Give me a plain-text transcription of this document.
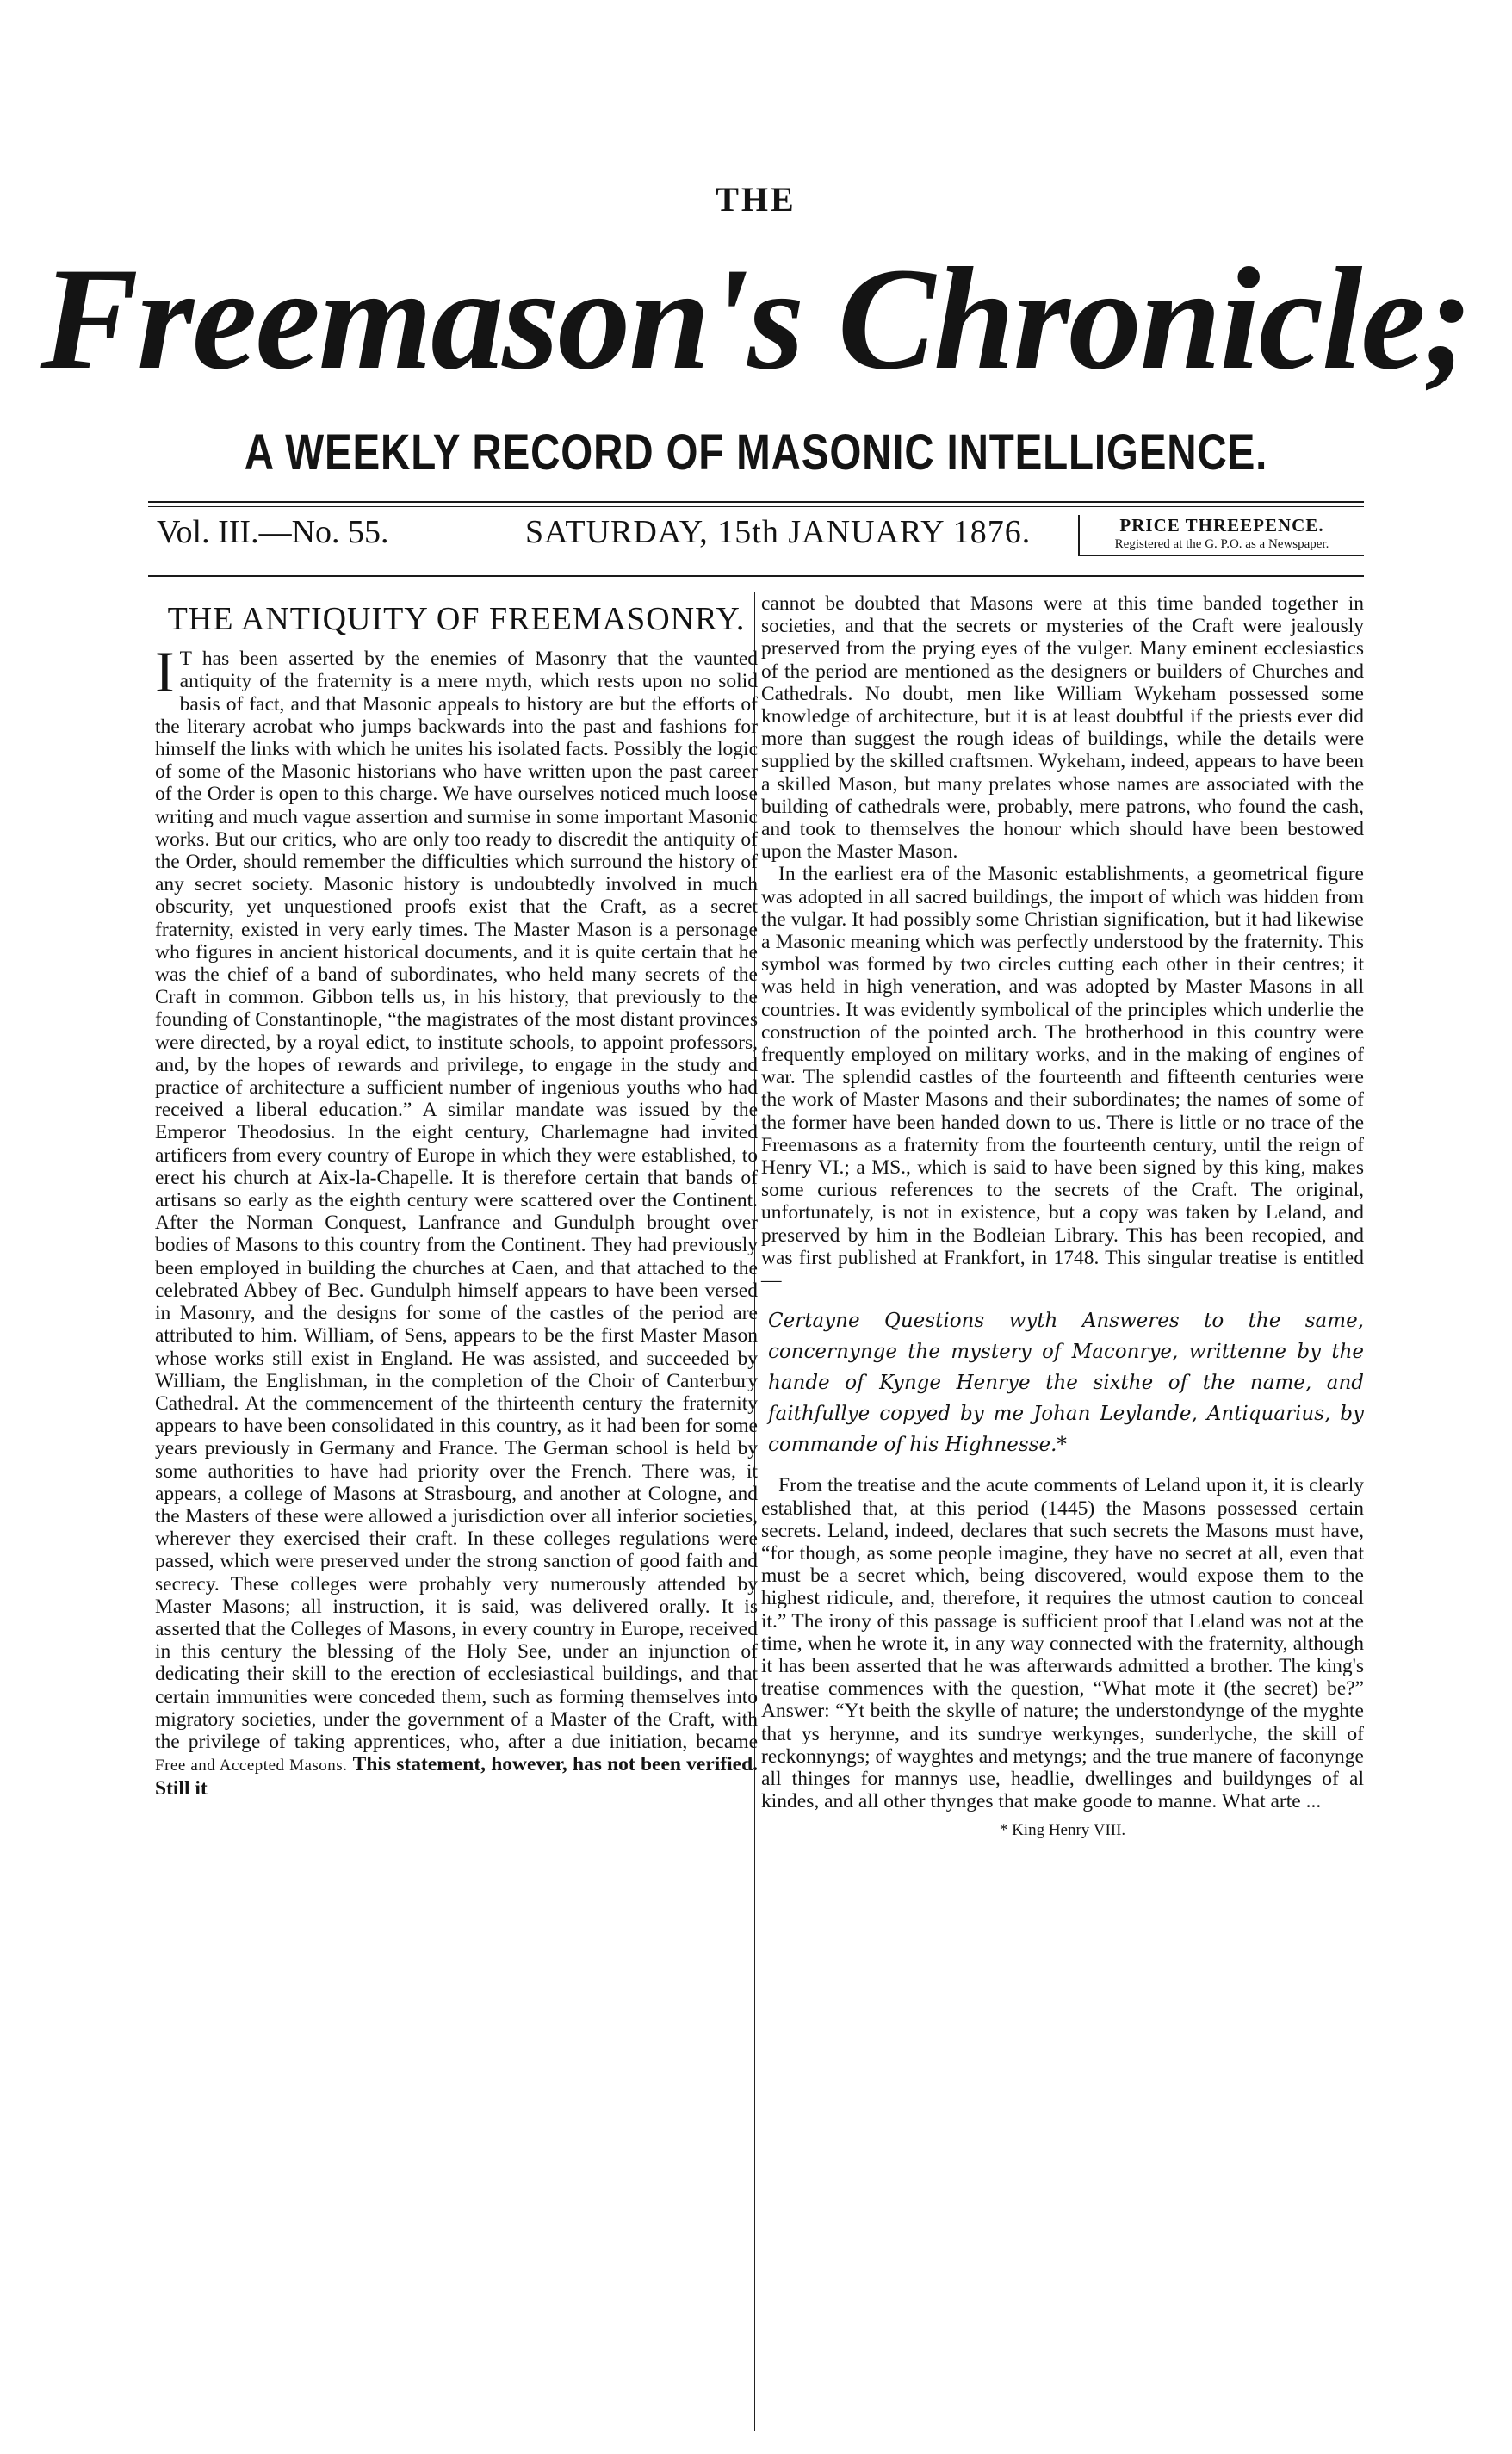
THE
Freemason's Chronicle;
A WEEKLY RECORD OF MASONIC INTELLIGENCE.
Vol. III.—No. 55.	SATURDAY, 15th JANUARY 1876.	PRICE THREEPENCE.
Registered at the G. P.O. as a Newspaper.
THE ANTIQUITY OF FREEMASONRY.

I T has been asserted by the enemies of Masonry that the vaunted antiquity of the fraternity is a mere myth, which rests upon no solid basis of fact, and that Masonic appeals to history are but the efforts of the literary acrobat who jumps backwards into the past and fashions for himself the links with which he unites his isolated facts. Possibly the logic of some of the Masonic historians who have written upon the past career of the Order is open to this charge. We have ourselves noticed much loose writing and much vague assertion and surmise in some important Masonic works. But our critics, who are only too ready to discredit the antiquity of the Order, should remember the difficulties which surround the history of any secret society. Masonic history is undoubtedly involved in much obscurity, yet unquestioned proofs exist that the Craft, as a secret fraternity, existed in very early times. The Master Mason is a personage who figures in ancient historical documents, and it is quite certain that he was the chief of a band of subordinates, who held many secrets of the Craft in common. Gibbon tells us, in his history, that previously to the founding of Constantinople, “the magistrates of the most distant provinces were directed, by a royal edict, to institute schools, to appoint professors, and, by the hopes of rewards and privilege, to engage in the study and practice of architecture a sufficient number of ingenious youths who had received a liberal education.” A similar mandate was issued by the Emperor Theodosius. In the eight century, Charlemagne had invited artificers from every country of Europe in which they were established, to erect his church at Aix-la-Chapelle. It is therefore certain that bands of artisans so early as the eighth century were scattered over the Continent. After the Norman Conquest, Lanfrance and Gundulph brought over bodies of Masons to this country from the Continent. They had previously been employed in building the churches at Caen, and that attached to the celebrated Abbey of Bec. Gundulph himself appears to have been versed in Masonry, and the designs for some of the castles of the period are attributed to him. William, of Sens, appears to be the first Master Mason whose works still exist in England. He was assisted, and succeeded by William, the Englishman, in the completion of the Choir of Canterbury Cathedral. At the commencement of the thirteenth century the fraternity appears to have been consolidated in this country, as it had been for some years previously in Germany and France. The German school is held by some authorities to have had priority over the French. There was, it appears, a college of Masons at Strasbourg, and another at Cologne, and the Masters of these were allowed a jurisdiction over all inferior societies, wherever they exercised their craft. In these colleges regulations were passed, which were preserved under the strong sanction of good faith and secrecy. These colleges were probably very numerously attended by Master Masons; all instruction, it is said, was delivered orally. It is asserted that the Colleges of Masons, in every country in Europe, received in this century the blessing of the Holy See, under an injunction of dedicating their skill to the erection of ecclesiastical buildings, and that certain immunities were conceded them, such as forming themselves into migratory societies, under the government of a Master of the Craft, with the privilege of taking apprentices, who, after a due initiation, became Free and Accepted Masons. This statement, however, has not been verified. Still it

cannot be doubted that Masons were at this time banded together in societies, and that the secrets or mysteries of the Craft were jealously preserved from the prying eyes of the vulger. Many eminent ecclesiastics of the period are mentioned as the designers or builders of Churches and Cathedrals. No doubt, men like William Wykeham possessed some knowledge of architecture, but it is at least doubtful if the priests ever did more than suggest the rough ideas of buildings, while the details were supplied by the skilled craftsmen. Wykeham, indeed, appears to have been a skilled Mason, but many prelates whose names are associated with the building of cathedrals were, probably, mere patrons, who found the cash, and took to themselves the honour which should have been bestowed upon the Master Mason.

In the earliest era of the Masonic establishments, a geometrical figure was adopted in all sacred buildings, the import of which was hidden from the vulgar. It had possibly some Christian signification, but it had likewise a Masonic meaning which was perfectly understood by the fraternity. This symbol was formed by two circles cutting each other in their centres; it was held in high veneration, and was adopted by Master Masons in all countries. It was evidently symbolical of the principles which underlie the construction of the pointed arch. The brotherhood in this country were frequently employed on military works, and in the making of engines of war. The splendid castles of the fourteenth and fifteenth centuries were the work of Master Masons and their subordinates; the names of some of the former have been handed down to us. There is little or no trace of the Freemasons as a fraternity from the fourteenth century, until the reign of Henry VI.; a MS., which is said to have been signed by this king, makes some curious references to the secrets of the Craft. The original, unfortunately, is not in existence, but a copy was taken by Leland, and preserved by him in the Bodleian Library. This has been recopied, and was first published at Frankfort, in 1748. This singular treatise is entitled—

Certayne Questions wyth Answeres to the same, concernynge the mystery of Maconrye, writtenne by the hande of Kynge Henrye the sixthe of the name, and faithfullye copyed by me Johan Leylande, Antiquarius, by commande of his Highnesse.*

From the treatise and the acute comments of Leland upon it, it is clearly established that, at this period (1445) the Masons possessed certain secrets. Leland, indeed, declares that such secrets the Masons must have, “for though, as some people imagine, they have no secret at all, even that must be a secret which, being discovered, would expose them to the highest ridicule, and, therefore, it requires the utmost caution to conceal it.” The irony of this passage is sufficient proof that Leland was not at the time, when he wrote it, in any way connected with the fraternity, although it has been asserted that he was afterwards admitted a brother. The king's treatise commences with the question, “What mote it (the secret) be?” Answer: “Yt beith the skylle of nature; the understondynge of the myghte that ys herynne, and its sundrye werkynges, sunderlyche, the skill of reckonnyngs; of wayghtes and metyngs; and the true manere of faconynge all thinges for mannys use, headlie, dwellinges and buildynges of al kindes, and all other thynges that make goode to manne. What arte ...

* King Henry VIII.
